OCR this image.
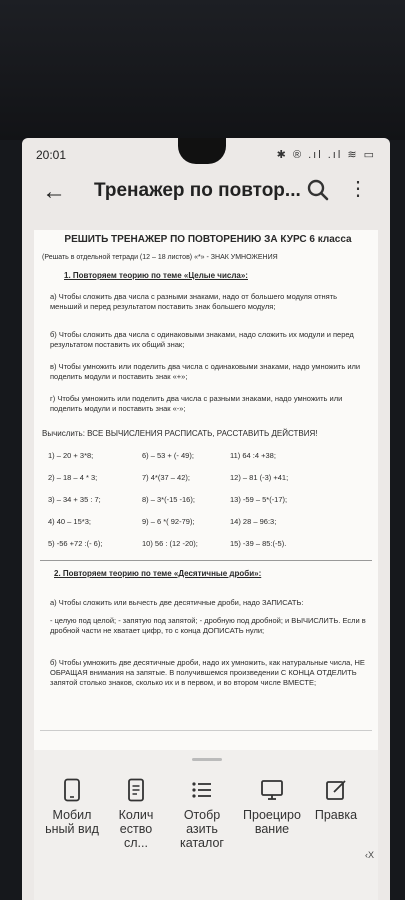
20:01	✱ ® .ıl .ıl ≋ ▭
← Тренажер по повтор... ⋮
РЕШИТЬ ТРЕНАЖЕР ПО ПОВТОРЕНИЮ ЗА КУРС 6 класса
(Решать в отдельной тетради (12 – 18 листов) «*» - ЗНАК УМНОЖЕНИЯ
1. Повторяем теорию по теме «Целые числа»:
а) Чтобы сложить два числа с разными знаками, надо от большего модуля отнять меньший и перед результатом поставить знак большего модуля;
б) Чтобы сложить два числа с одинаковыми знаками, надо сложить их модули и перед результатом поставить их общий знак;
в) Чтобы умножить или поделить два числа с одинаковыми знаками, надо умножить или поделить модули и поставить знак «+»;
г) Чтобы умножить или поделить два числа с разными знаками, надо умножить или поделить модули и поставить знак «-»;
Вычислить: ВСЕ ВЫЧИСЛЕНИЯ РАСПИСАТЬ, РАССТАВИТЬ ДЕЙСТВИЯ!
1) – 20 + 3*8;	6) – 53 + (- 49);	11) 64 :4 +38;
2) – 18 – 4 * 3;	7) 4*(37 – 42);	12) – 81 (-3) +41;
3) – 34 + 35 : 7;	8) – 3*(-15 -16);	13) -59 – 5*(-17);
4) 40 – 15*3;	9) – 6 *( 92-79);	14) 28 – 96:3;
5) -56 +72 :(- 6);	10) 56 : (12 -20);	15) -39 – 85:(-5).
2. Повторяем теорию по теме «Десятичные дроби»:
а) Чтобы сложить или вычесть две десятичные дроби, надо ЗАПИСАТЬ:
- целую под целой; - запятую под запятой; - дробную под дробной; и ВЫЧИСЛИТЬ. Если в дробной части не хватает цифр, то с конца ДОПИСАТЬ нули;
б) Чтобы умножить две десятичные дроби, надо их умножить, как натуральные числа, НЕ ОБРАЩАЯ внимания на запятые. В получившемся произведении С КОНЦА ОТДЕЛИТЬ запятой столько знаков, сколько их и в первом, и во втором числе ВМЕСТЕ;
Мобил
ьный вид
Колич
ество сл...
Отобр
азить
каталог
Проециро
вание
Правка
‹X
